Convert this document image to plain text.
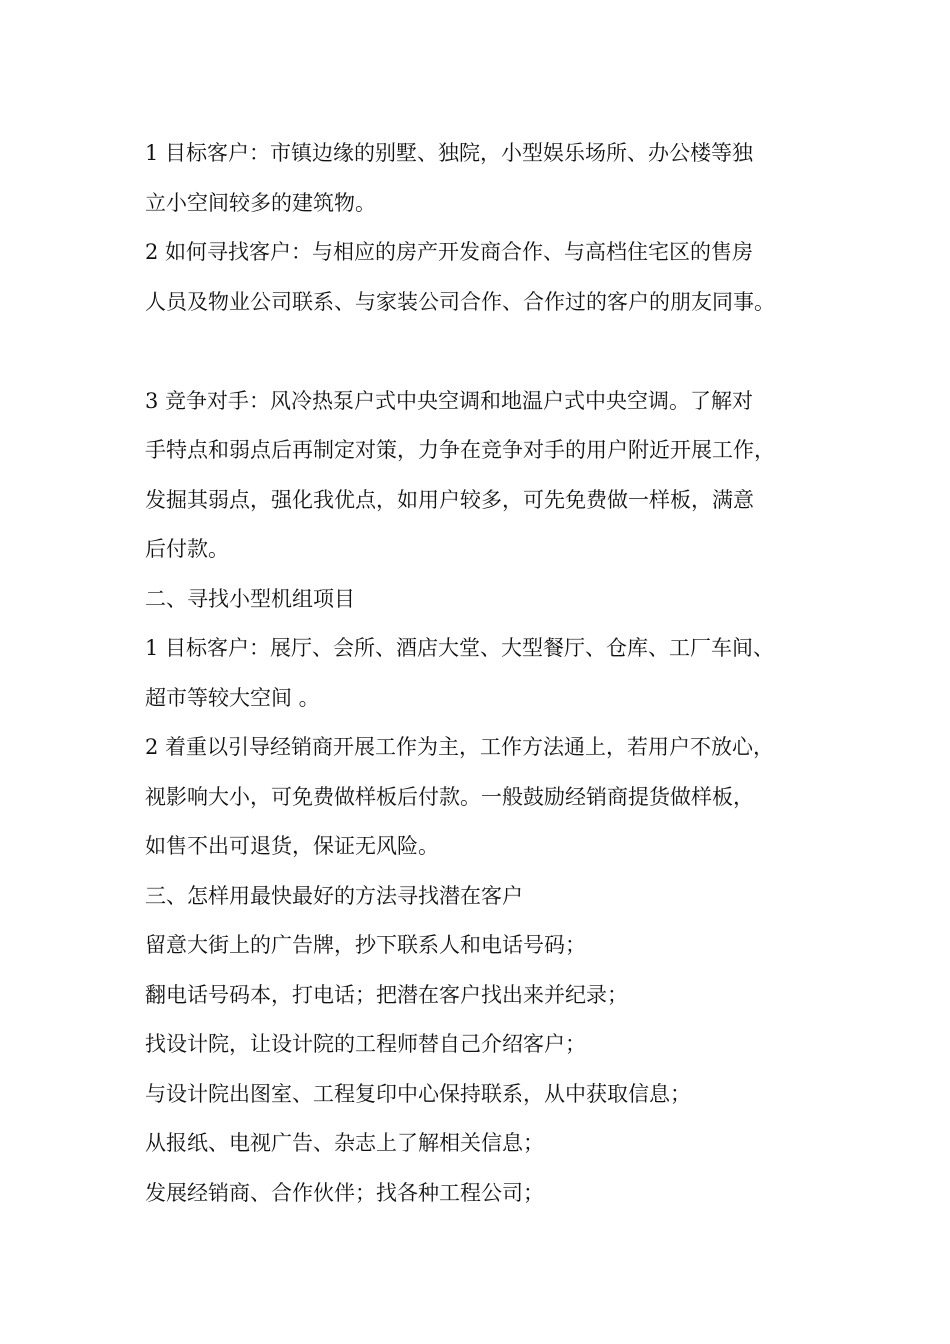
1 目标客户：市镇边缘的别墅、独院，小型娱乐场所、办公楼等独
立小空间较多的建筑物。
2 如何寻找客户：与相应的房产开发商合作、与高档住宅区的售房
人员及物业公司联系、与家装公司合作、合作过的客户的朋友同事。
3 竞争对手：风冷热泵户式中央空调和地温户式中央空调。了解对
手特点和弱点后再制定对策，力争在竞争对手的用户附近开展工作，
发掘其弱点，强化我优点，如用户较多，可先免费做一样板，满意
后付款。
二、寻找小型机组项目
1 目标客户：展厅、会所、酒店大堂、大型餐厅、仓库、工厂车间、
超市等较大空间 。
2 着重以引导经销商开展工作为主，工作方法通上，若用户不放心，
视影响大小，可免费做样板后付款。一般鼓励经销商提货做样板，
如售不出可退货，保证无风险。
三、怎样用最快最好的方法寻找潜在客户
留意大街上的广告牌，抄下联系人和电话号码；
翻电话号码本，打电话；把潜在客户找出来并纪录；
找设计院，让设计院的工程师替自己介绍客户；
与设计院出图室、工程复印中心保持联系，从中获取信息；
从报纸、电视广告、杂志上了解相关信息；
发展经销商、合作伙伴；找各种工程公司；
